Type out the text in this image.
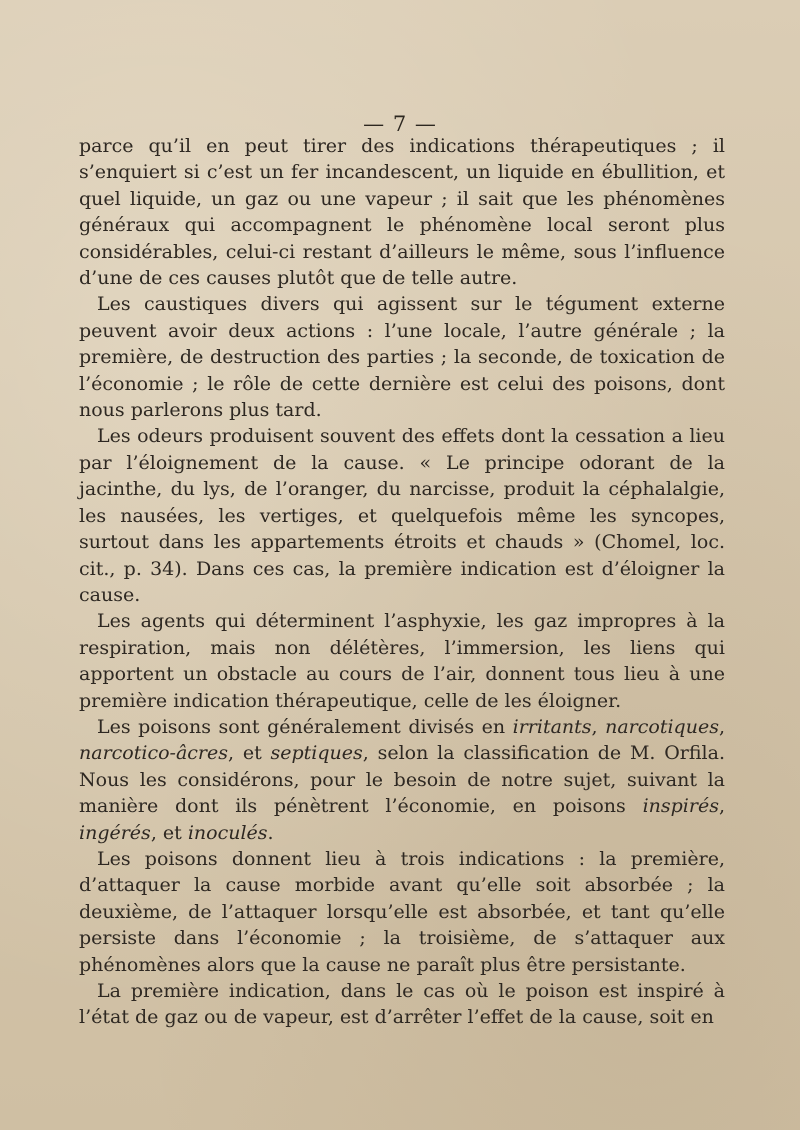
— 7 —

parce qu’il en peut tirer des indications thérapeutiques ; il s’enquiert si c’est un fer incandescent, un liquide en ébullition, et quel liquide, un gaz ou une vapeur ; il sait que les phénomènes généraux qui accompagnent le phénomène local seront plus considérables, celui-ci restant d’ailleurs le même, sous l’influence d’une de ces causes plutôt que de telle autre.

Les caustiques divers qui agissent sur le tégument externe peuvent avoir deux actions : l’une locale, l’autre générale ; la première, de destruction des parties ; la seconde, de toxication de l’économie ; le rôle de cette dernière est celui des poisons, dont nous parlerons plus tard.

Les odeurs produisent souvent des effets dont la cessation a lieu par l’éloignement de la cause. « Le principe odorant de la jacinthe, du lys, de l’oranger, du narcisse, produit la céphalalgie, les nausées, les vertiges, et quelquefois même les syncopes, surtout dans les appartements étroits et chauds » (Chomel, loc. cit., p. 34). Dans ces cas, la première indication est d’éloigner la cause.

Les agents qui déterminent l’asphyxie, les gaz impropres à la respiration, mais non délétères, l’immersion, les liens qui apportent un obstacle au cours de l’air, donnent tous lieu à une première indication thérapeutique, celle de les éloigner.

Les poisons sont généralement divisés en irritants, narcotiques, narcotico-âcres, et septiques, selon la classification de M. Orfila. Nous les considérons, pour le besoin de notre sujet, suivant la manière dont ils pénètrent l’économie, en poisons inspirés, ingérés, et inoculés.

Les poisons donnent lieu à trois indications : la première, d’attaquer la cause morbide avant qu’elle soit absorbée ; la deuxième, de l’attaquer lorsqu’elle est absorbée, et tant qu’elle persiste dans l’économie ; la troisième, de s’attaquer aux phénomènes alors que la cause ne paraît plus être persistante.

La première indication, dans le cas où le poison est inspiré à l’état de gaz ou de vapeur, est d’arrêter l’effet de la cause, soit en
